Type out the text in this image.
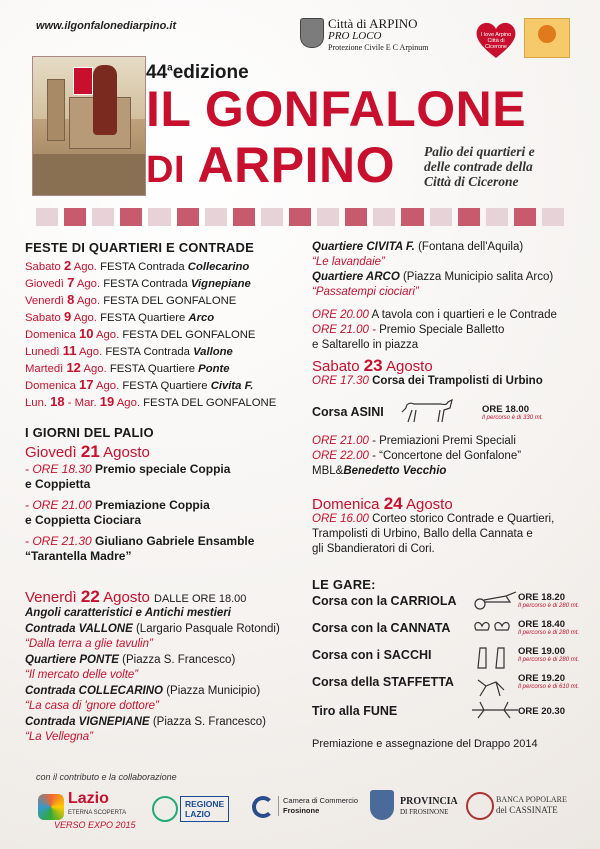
www.ilgonfalonediarpino.it	Città di ARPINO
PRO LOCO
Protezione Civile E C Arpinum
I love Arpino
Città di
Cicerone
44$^a$edizione
IL GONFALONE
DI ARPINO Palio dei quartieri e
delle contrade della
Città di Cicerone
FESTE DI QUARTIERI E CONTRADE
Sabato 2 Ago. FESTA Contrada Collecarino
Giovedì 7 Ago. FESTA Contrada Vignepiane
Venerdì 8 Ago. FESTA DEL GONFALONE
Sabato 9 Ago. FESTA Quartiere Arco
Domenica 10 Ago. FESTA DEL GONFALONE
Lunedì 11 Ago. FESTA Contrada Vallone
Martedì 12 Ago. FESTA Quartiere Ponte
Domenica 17 Ago. FESTA Quartiere Civita F.
Lun. 18 - Mar. 19 Ago. FESTA DEL GONFALONE
I GIORNI DEL PALIO
Giovedì 21 Agosto
- ORE 18.30 Premio speciale Coppia
e Coppietta
- ORE 21.00 Premiazione Coppia
e Coppietta Ciociara
- ORE 21.30 Giuliano Gabriele Ensamble
“Tarantella Madre”
Venerdì 22 Agosto DALLE ORE 18.00
Angoli caratteristici e Antichi mestieri
Contrada VALLONE (Largario Pasquale Rotondi)
“Dalla terra a glie tavulin”
Quartiere PONTE (Piazza S. Francesco)
“Il mercato delle volte”
Contrada COLLECARINO (Piazza Municipio)
“La casa di 'gnore dottore”
Contrada VIGNEPIANE (Piazza S. Francesco)
“La Vellegna”
Quartiere CIVITA F. (Fontana dell'Aquila)
“Le lavandaie”
Quartiere ARCO (Piazza Municipio salita Arco)
“Passatempi ciociari”
ORE 20.00 A tavola con i quartieri e le Contrade
ORE 21.00 - Premio Speciale Balletto
e Saltarello in piazza
Sabato 23 Agosto
ORE 17.30 Corsa dei Trampolisti di Urbino
Corsa ASINI	ORE 18.00
Il percorso è di 330 mt.
ORE 21.00 - Premiazioni Premi Speciali
ORE 22.00 - “Concertone del Gonfalone”
MBL&Benedetto Vecchio
Domenica 24 Agosto
ORE 16.00 Corteo storico Contrade e Quartieri,
Trampolisti di Urbino, Ballo della Cannata e
gli Sbandieratori di Cori.
LE GARE:
Corsa con la CARRIOLA	ORE 18.20
Il percorso è di 280 mt.
Corsa con la CANNATA	ORE 18.40
Il percorso è di 280 mt.
Corsa con i SACCHI	ORE 19.00
Il percorso è di 280 mt.
Corsa della STAFFETTA	ORE 19.20
Il percorso è di 610 mt.
Tiro alla FUNE	ORE 20.30
Premiazione e assegnazione del Drappo 2014
con il contributo e la collaborazione
Lazio
ETERNA SCOPERTA
VERSO EXPO 2015
REGIONE
LAZIO
Camera di Commercio
Frosinone
PROVINCIA
DI FROSINONE
BANCA POPOLARE
del CASSINATE
